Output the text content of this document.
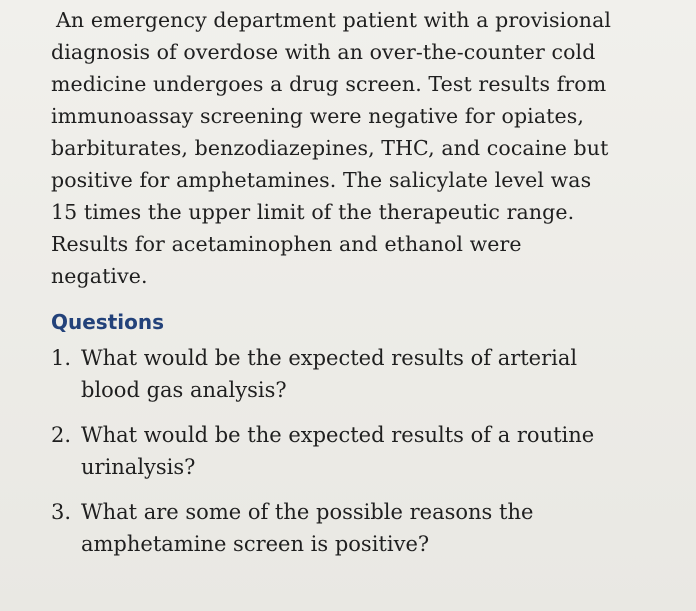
An emergency department patient with a provisional

diagnosis of overdose with an over-the-counter cold

medicine undergoes a drug screen. Test results from

immunoassay screening were negative for opiates,

barbiturates, benzodiazepines, THC, and cocaine but

positive for amphetamines. The salicylate level was

15 times the upper limit of the therapeutic range.

Results for acetaminophen and ethanol were

negative.

Questions
1. What would be the expected results of arterial
blood gas analysis?
2. What would be the expected results of a routine
urinalysis?
3. What are some of the possible reasons the
amphetamine screen is positive?
